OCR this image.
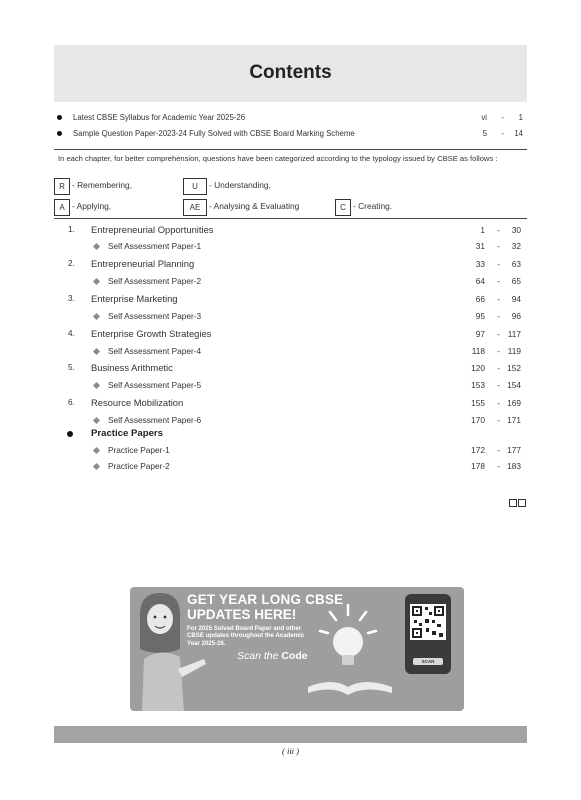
Contents
Latest CBSE Syllabus for Academic Year 2025-26	vi - 1
Sample Question Paper-2023-24 Fully Solved with CBSE Board Marking Scheme	5 - 14
In each chapter, for better comprehension, questions have been categorized according to the typology issued by CBSE as follows :
R - Remembering,	U	- Understanding,
A - Applying,	AE	- Analysing & Evaluating	C - Creating.
1. Entrepreneurial Opportunities	1 - 30
Self Assessment Paper-1	31 - 32
2. Entrepreneurial Planning	33 - 63
Self Assessment Paper-2	64 - 65
3. Enterprise Marketing	66 - 94
Self Assessment Paper-3	95 - 96
4. Enterprise Growth Strategies	97 - 117
Self Assessment Paper-4	118 - 119
5. Business Arithmetic	120 - 152
Self Assessment Paper-5	153 - 154
6. Resource Mobilization	155 - 169
Self Assessment Paper-6	170 - 171
Practice Papers
Practice Paper-1	172 - 177
Practice Paper-2	178 - 183
GET YEAR LONG CBSE
UPDATES HERE!
For 2025 Solved Board Paper and other CBSE updates throughout the Academic Year 2025-26.
Scan the Code	SCAN
( iii )
